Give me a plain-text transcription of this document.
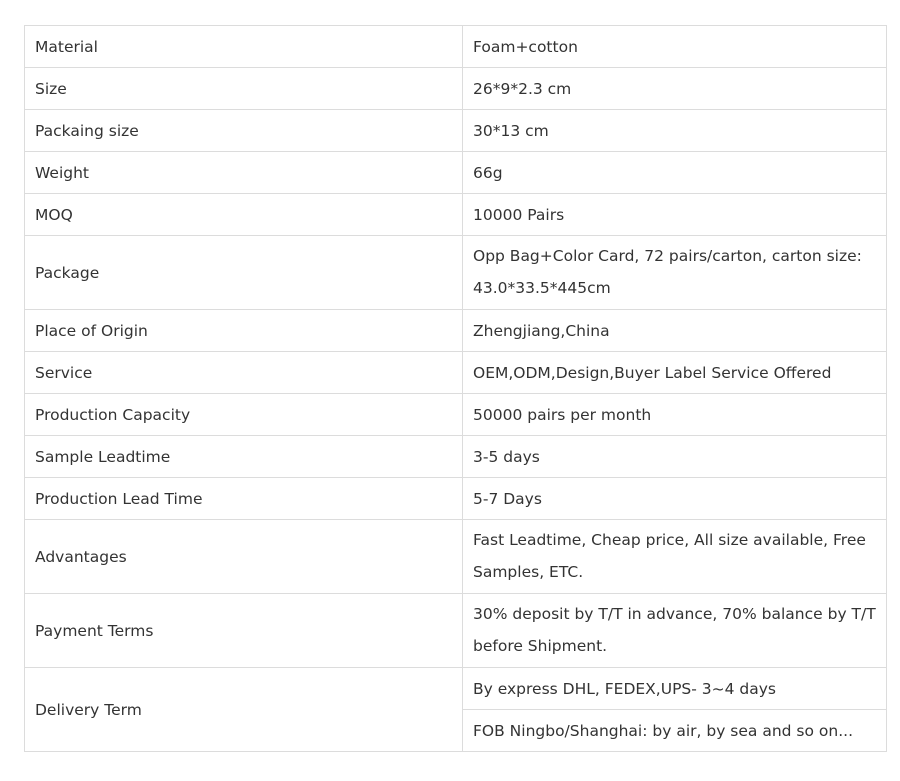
Material	Foam+cotton
Size	26*9*2.3 cm
Packaing size	30*13 cm
Weight	66g
MOQ	10000 Pairs
Package	Opp Bag+Color Card, 72 pairs/carton, carton size: 43.0*33.5*445cm
Place of Origin	Zhengjiang,China
Service	OEM,ODM,Design,Buyer Label Service Offered
Production Capacity	50000 pairs per month
Sample Leadtime	3-5 days
Production Lead Time	5-7 Days
Advantages	Fast Leadtime, Cheap price, All size available, Free Samples, ETC.
Payment Terms	30% deposit by T/T in advance, 70% balance by T/T before Shipment.
Delivery Term	By express DHL, FEDEX,UPS- 3~4 days
	FOB Ningbo/Shanghai: by air, by sea and so on...
